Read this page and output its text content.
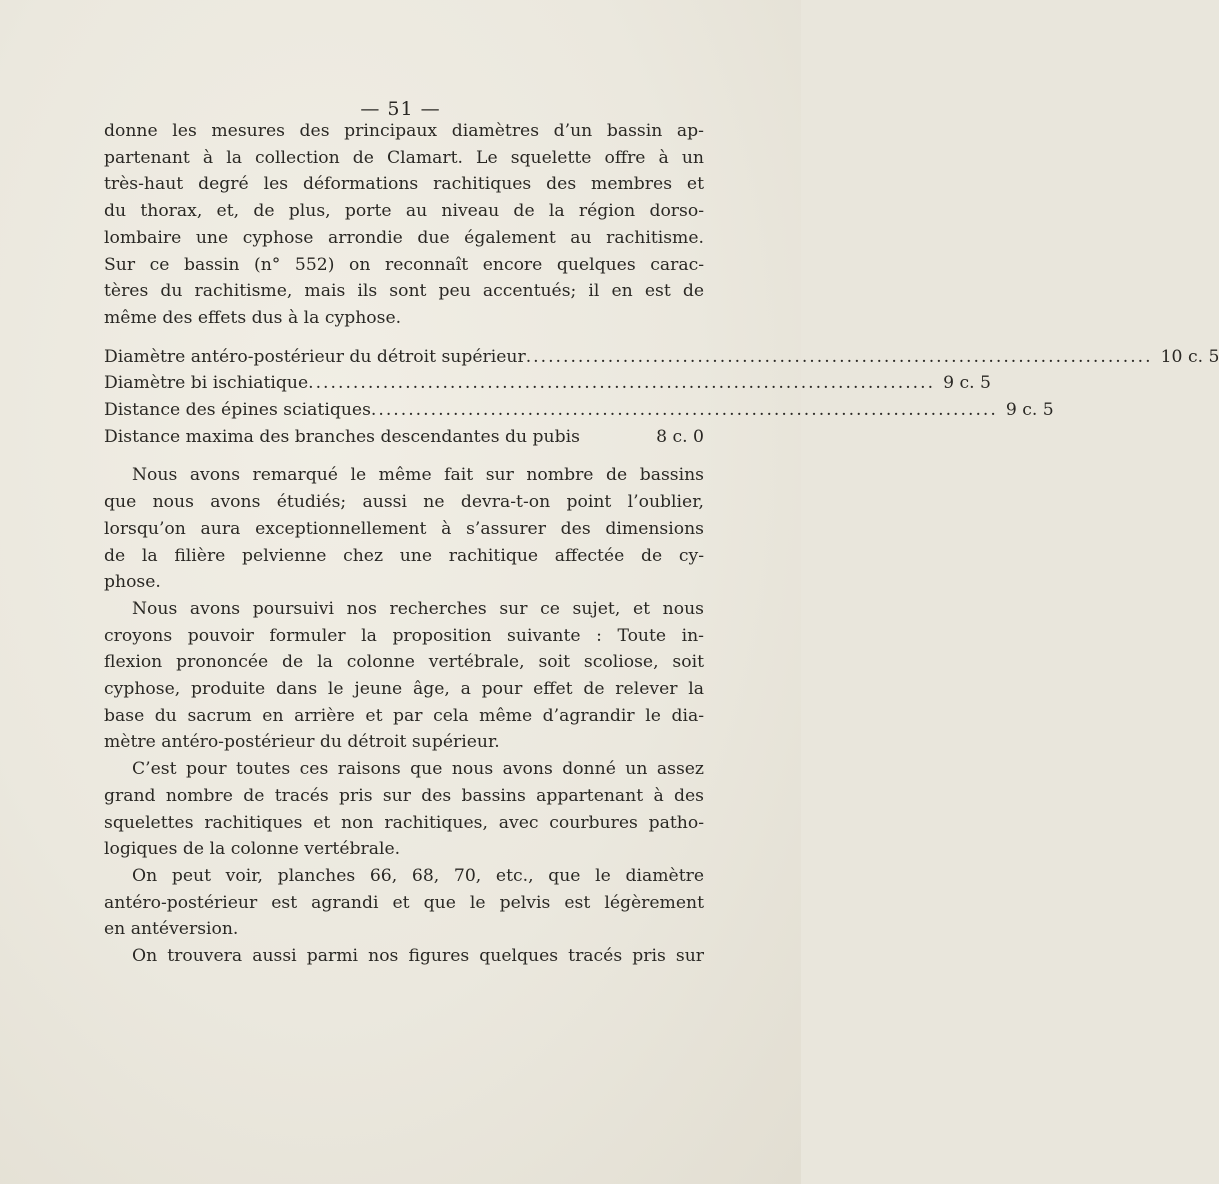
— 51 —
donne les mesures des principaux diamètres d’un bassin ap-
partenant à la collection de Clamart. Le squelette offre à un
très-haut degré les déformations rachitiques des membres et
du thorax, et, de plus, porte au niveau de la région dorso-
lombaire une cyphose arrondie due également au rachitisme.
Sur ce bassin (n° 552) on reconnaît encore quelques carac-
tères du rachitisme, mais ils sont peu accentués; il en est de
même des effets dus à la cyphose.
Diamètre antéro-postérieur du détroit supérieur .................................................................................... 10 c. 5
Diamètre bi ischiatique .................................................................................... 9 c. 5
Distance des épines sciatiques .................................................................................... 9 c. 5
Distance maxima des branches descendantes du pubis	8 c. 0
Nous avons remarqué le même fait sur nombre de bassins
que nous avons étudiés; aussi ne devra-t-on point l’oublier,
lorsqu’on aura exceptionnellement à s’assurer des dimensions
de la filière pelvienne chez une rachitique affectée de cy-
phose.
Nous avons poursuivi nos recherches sur ce sujet, et nous
croyons pouvoir formuler la proposition suivante : Toute in-
flexion prononcée de la colonne vertébrale, soit scoliose, soit
cyphose, produite dans le jeune âge, a pour effet de relever la
base du sacrum en arrière et par cela même d’agrandir le dia-
mètre antéro-postérieur du détroit supérieur.
C’est pour toutes ces raisons que nous avons donné un assez
grand nombre de tracés pris sur des bassins appartenant à des
squelettes rachitiques et non rachitiques, avec courbures patho-
logiques de la colonne vertébrale.
On peut voir, planches 66, 68, 70, etc., que le diamètre
antéro-postérieur est agrandi et que le pelvis est légèrement
en antéversion.
On trouvera aussi parmi nos figures quelques tracés pris sur
